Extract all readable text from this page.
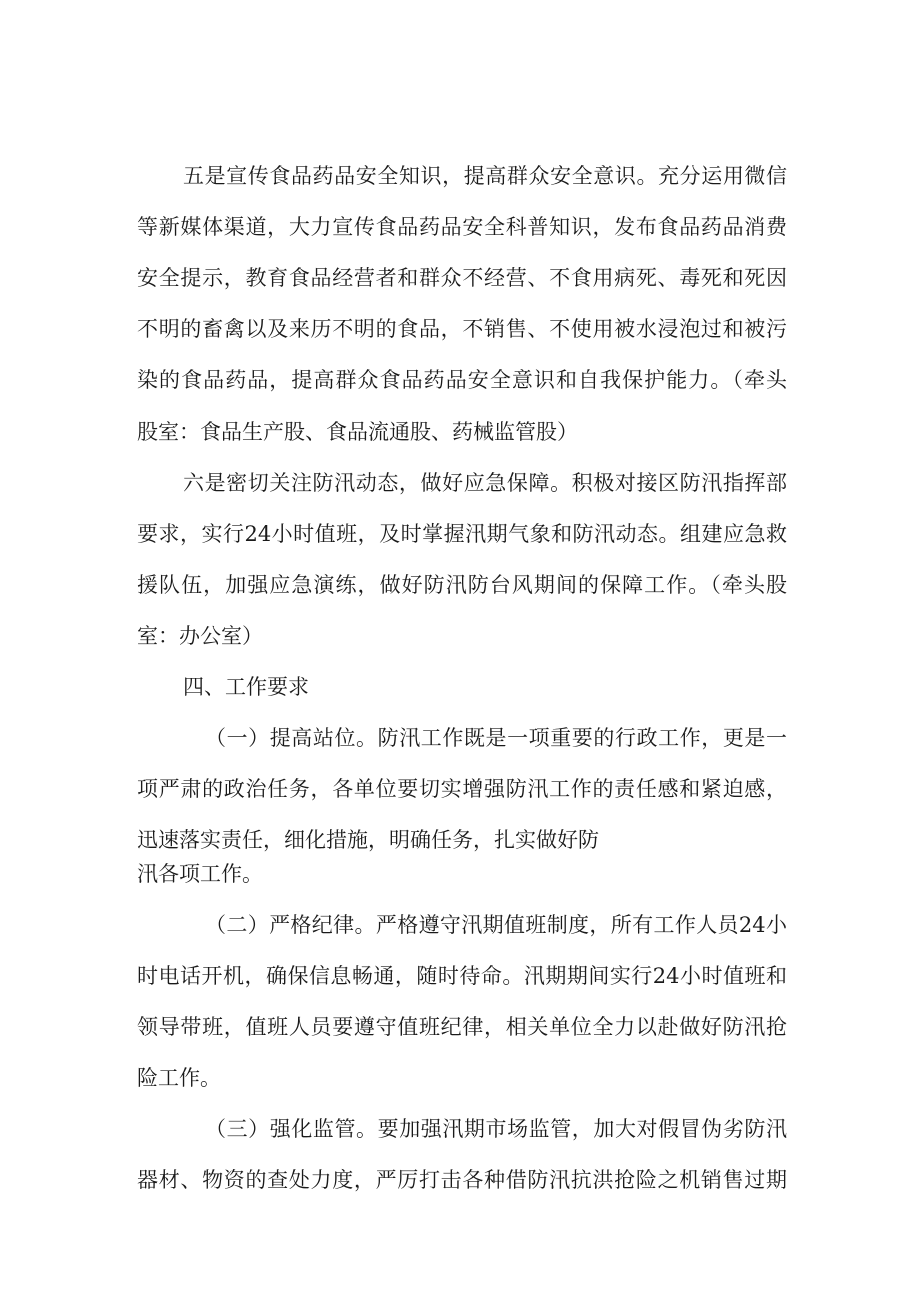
五是宣传食品药品安全知识，提高群众安全意识。充分运用微信
等新媒体渠道，大力宣传食品药品安全科普知识，发布食品药品消费
安全提示，教育食品经营者和群众不经营、不食用病死、毒死和死因
不明的畜禽以及来历不明的食品，不销售、不使用被水浸泡过和被污
染的食品药品，提高群众食品药品安全意识和自我保护能力。（牵头
股室：食品生产股、食品流通股、药械监管股）
六是密切关注防汛动态，做好应急保障。积极对接区防汛指挥部
要求，实行24小时值班，及时掌握汛期气象和防汛动态。组建应急救
援队伍，加强应急演练，做好防汛防台风期间的保障工作。（牵头股
室：办公室）
四、工作要求
（一）提高站位。防汛工作既是一项重要的行政工作，更是一
项严肃的政治任务，各单位要切实增强防汛工作的责任感和紧迫感，
迅速落实责任，细化措施，明确任务，扎实做好防
汛各项工作。
（二）严格纪律。严格遵守汛期值班制度，所有工作人员24小
时电话开机，确保信息畅通，随时待命。汛期期间实行24小时值班和
领导带班，值班人员要遵守值班纪律，相关单位全力以赴做好防汛抢
险工作。
（三）强化监管。要加强汛期市场监管，加大对假冒伪劣防汛
器材、物资的查处力度，严厉打击各种借防汛抗洪抢险之机销售过期
